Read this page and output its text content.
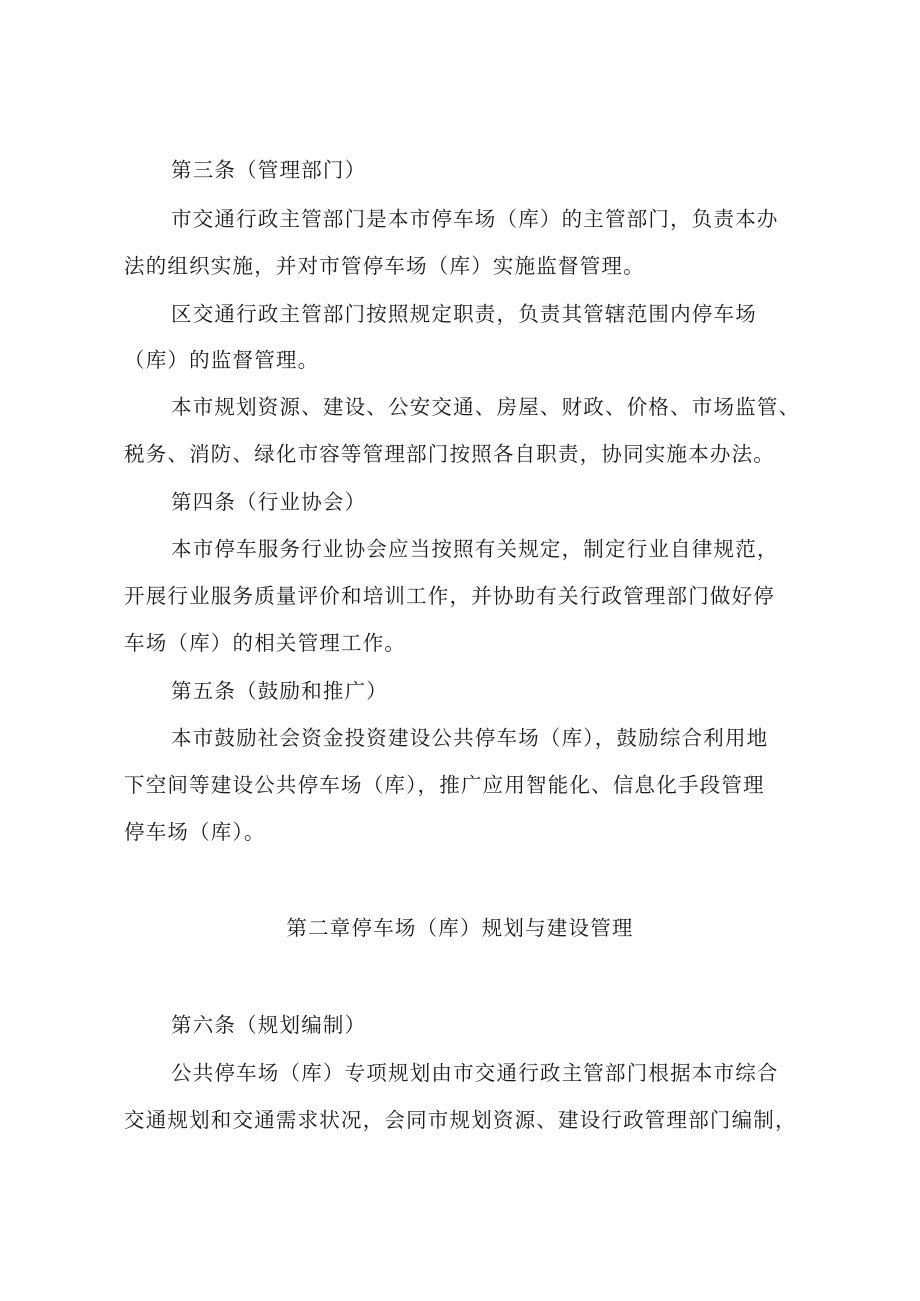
第三条（管理部门）
市交通行政主管部门是本市停车场（库）的主管部门，负责本办
法的组织实施，并对市管停车场（库）实施监督管理。
区交通行政主管部门按照规定职责，负责其管辖范围内停车场
（库）的监督管理。
本市规划资源、建设、公安交通、房屋、财政、价格、市场监管、
税务、消防、绿化市容等管理部门按照各自职责，协同实施本办法。
第四条（行业协会）
本市停车服务行业协会应当按照有关规定，制定行业自律规范，
开展行业服务质量评价和培训工作，并协助有关行政管理部门做好停
车场（库）的相关管理工作。
第五条（鼓励和推广）
本市鼓励社会资金投资建设公共停车场（库），鼓励综合利用地
下空间等建设公共停车场（库），推广应用智能化、信息化手段管理
停车场（库）。
第二章停车场（库）规划与建设管理
第六条（规划编制）
公共停车场（库）专项规划由市交通行政主管部门根据本市综合
交通规划和交通需求状况，会同市规划资源、建设行政管理部门编制，
